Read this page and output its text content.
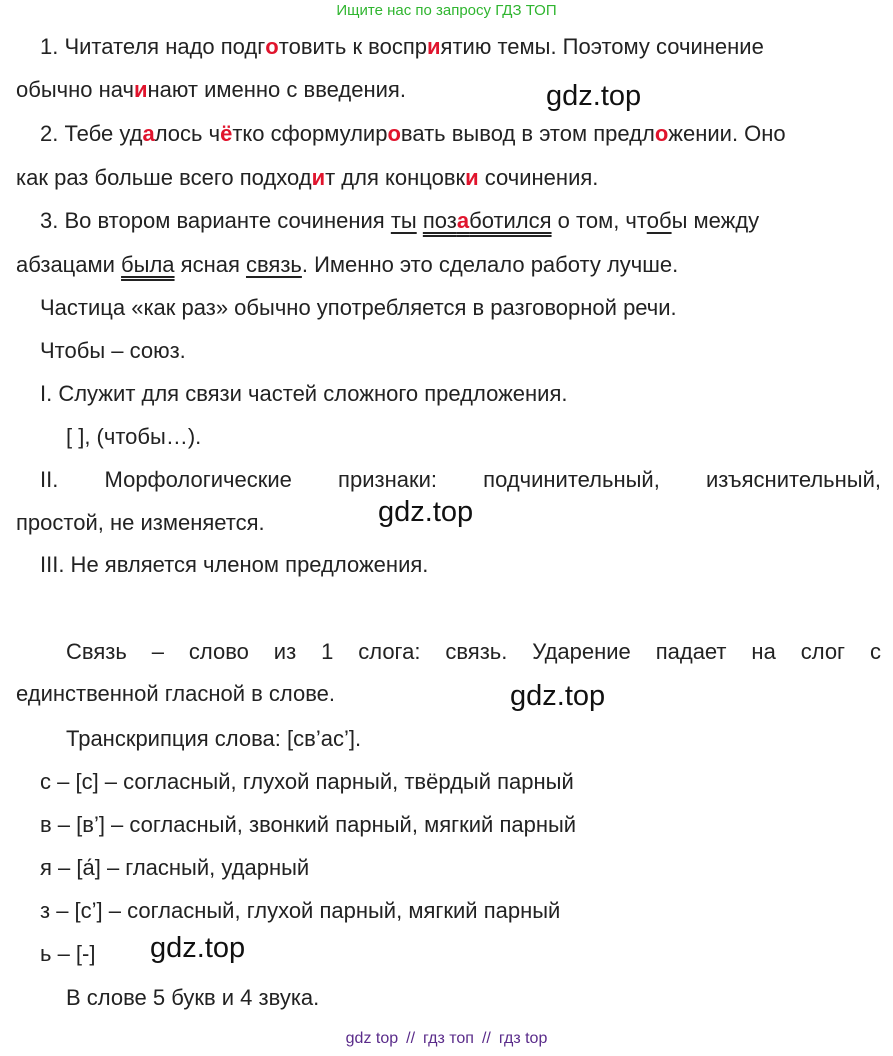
Ищите нас по запросу ГДЗ ТОП
1. Читателя надо подготовить к восприятию темы. Поэтому сочинение
обычно начинают именно с введения.	gdz.top
2. Тебе удалось чётко сформулировать вывод в этом предложении. Оно
как раз больше всего подходит для концовки сочинения.
3. Во втором варианте сочинения ты позаботился о том, чтобы между
абзацами была ясная связь. Именно это сделало работу лучше.
Частица «как раз» обычно употребляется в разговорной речи.
Чтобы – союз.
I. Служит для связи частей сложного предложения.
[ ], (чтобы…).
II. Морфологические признаки: подчинительный, изъяснительный,
простой, не изменяется.	gdz.top
III. Не является членом предложения.
Связь – слово из 1 слога: связь. Ударение падает на слог с
единственной гласной в слове.	gdz.top
Транскрипция слова: [св’ас’].
с – [с] – согласный, глухой парный, твёрдый парный
в – [в’] – согласный, звонкий парный, мягкий парный
я – [а́] – гласный, ударный
з – [с’] – согласный, глухой парный, мягкий парный
ь – [-]	gdz.top
В слове 5 букв и 4 звука.
gdz top // гдз топ // гдз top
